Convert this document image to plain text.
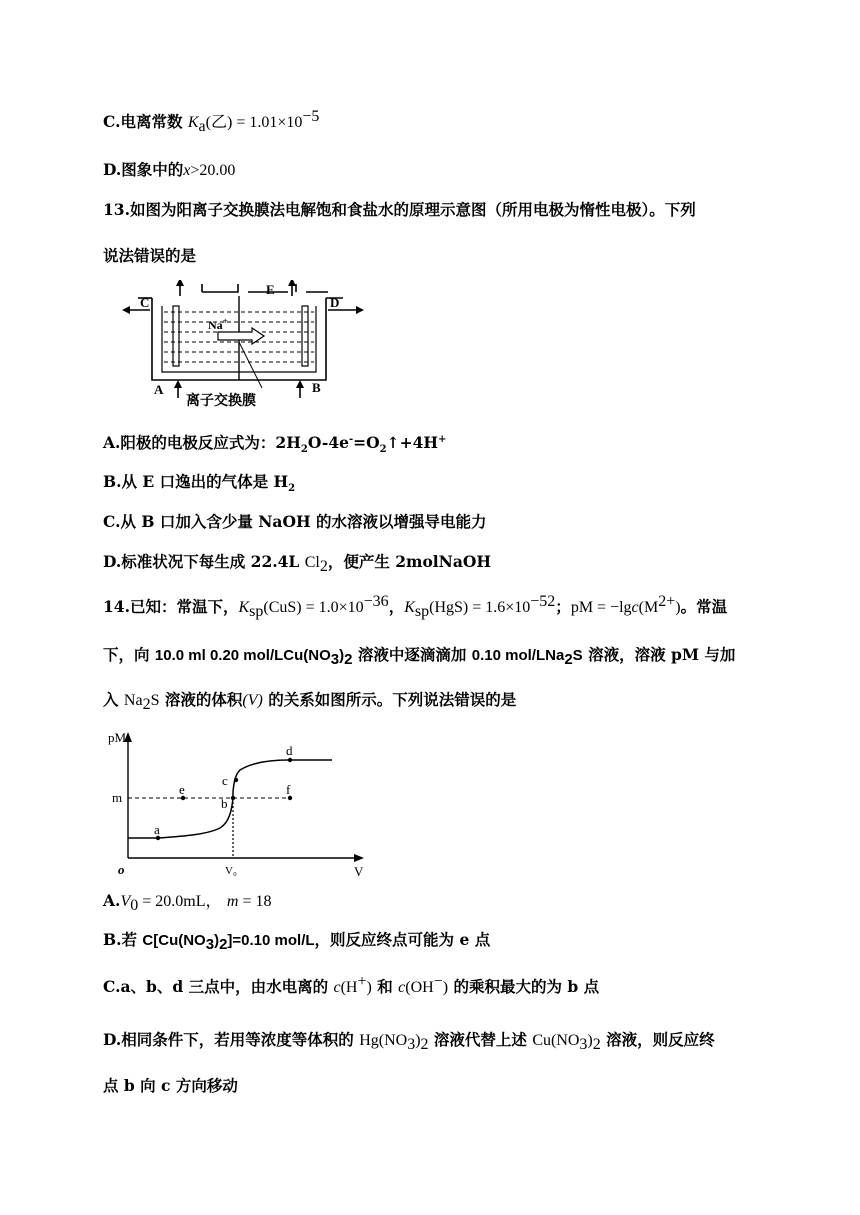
C.电离常数 $K_a$(乙) = $1.01\times 10^{-5}$
D.图象中的x>20.00
13.如图为阳离子交换膜法电解饱和食盐水的原理示意图（所用电极为惰性电极）。下列
说法错误的是
C	D
E
A	B
Na+
离子交换膜
A.阳极的电极反应式为：$2H_2O-4e^-=O_2↑+4H^+$
B.从 E 口逸出的气体是 $H_2$
C.从 B 口加入含少量 NaOH 的水溶液以增强导电能力
D.标准状况下每生成 22.4L $Cl_2$，便产生 2molNaOH
14.已知：常温下，$K_{sp}(CuS) = 1.0\times 10^{-36}$，$K_{sp}(HgS) = 1.6\times 10^{-52}$；pM = $-\lg c(M^{2+})$。常温
下，向 10.0 ml 0.20 mol/$LCu(NO_3)_2$ 溶液中逐滴滴加 0.10 mol/LNa$_2$S 溶液，溶液 pM 与加
入 $Na_2S$ 溶液的体积(V) 的关系如图所示。下列说法错误的是
pM
V
o
m
V₀
a
b
c
d
e	f
$A.V_0 = 20.0mL$， m = 18
B.若 $C[Cu(NO_3)_2]=0.10$ mol/L，则反应终点可能为 e 点
C.a、b、d 三点中，由水电离的 c(H+) 和 c(OH−) 的乘积最大的为 b 点
D.相同条件下，若用等浓度等体积的 $Hg(NO_3)_2$ 溶液代替上述 $Cu(NO_3)_2$ 溶液，则反应终
点 b 向 c 方向移动
